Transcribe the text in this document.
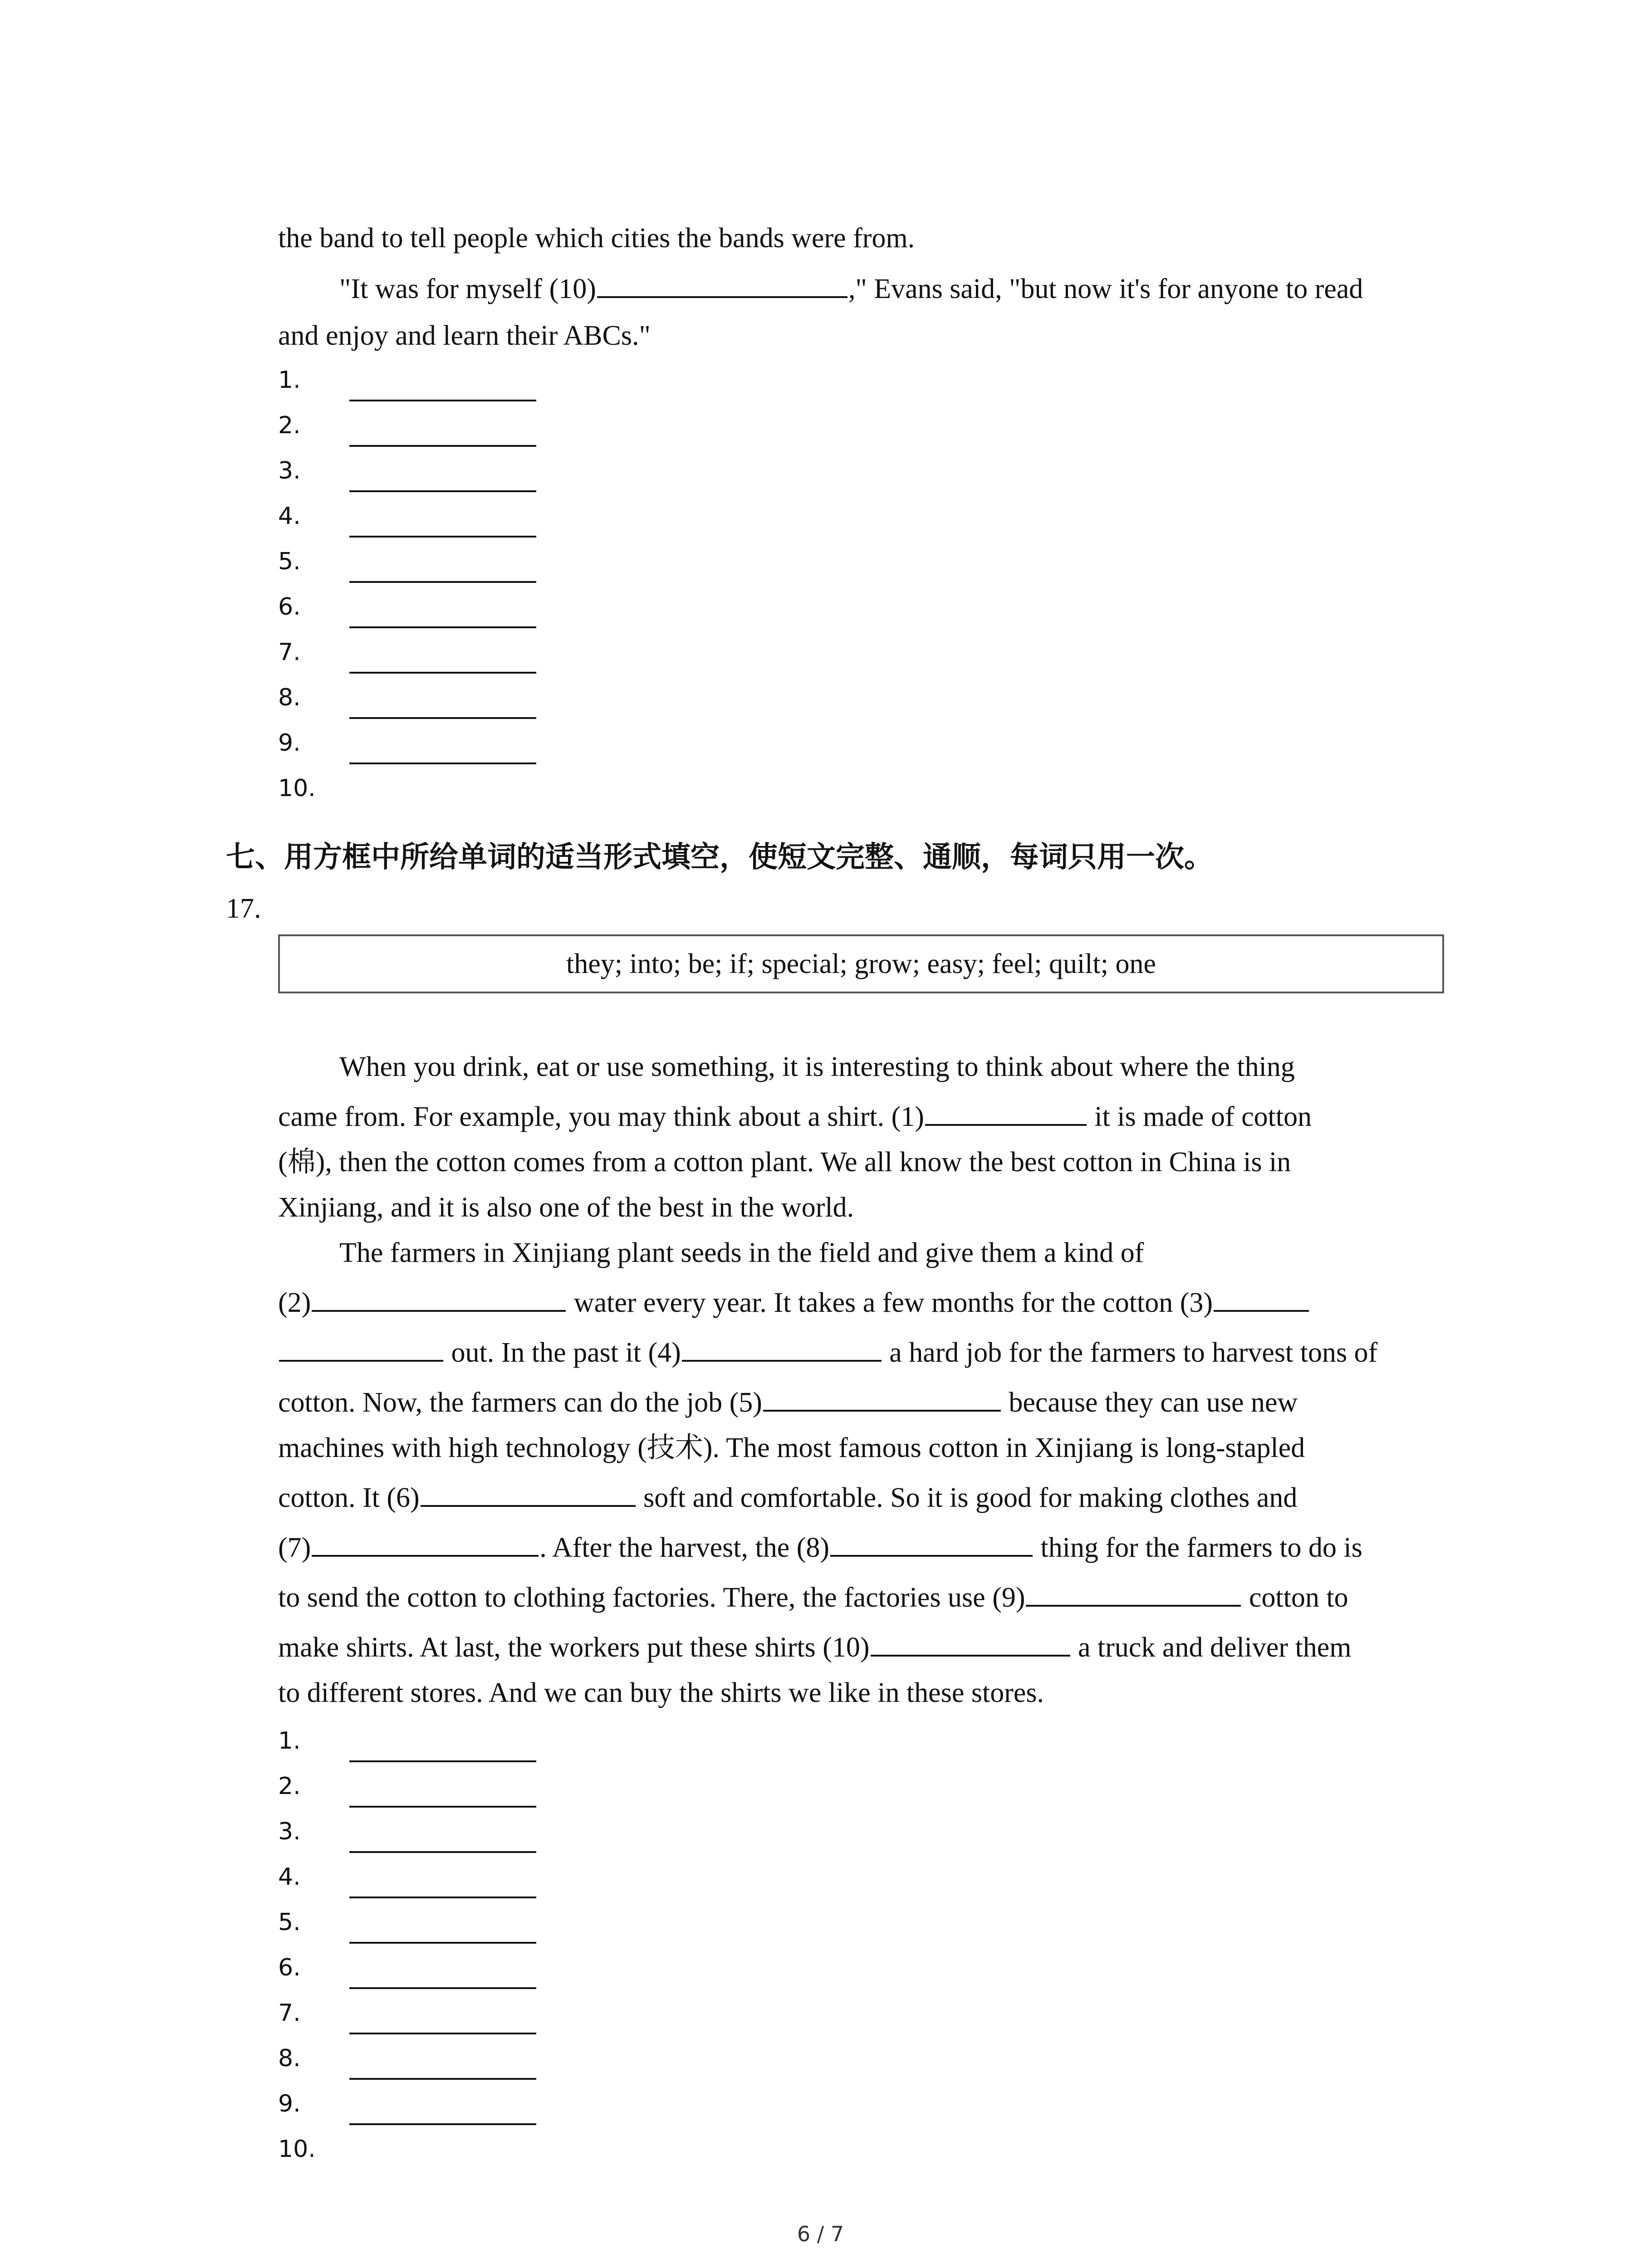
the band to tell people which cities the bands were from.
"It was for myself (10)	," Evans said, "but now it's for anyone to read
and enjoy and learn their ABCs."
1.
2.
3.
4.
5.
6.
7.
8.
9.
10.
七、用方框中所给单词的适当形式填空，使短文完整、通顺，每词只用一次。
17.
they; into; be; if; special; grow; easy; feel; quilt; one
When you drink, eat or use something, it is interesting to think about where the thing
came from. For example, you may think about a shirt. (1)	it is made of cotton
(棉), then the cotton comes from a cotton plant. We all know the best cotton in China is in
Xinjiang, and it is also one of the best in the world.
The farmers in Xinjiang plant seeds in the field and give them a kind of
(2)	water every year. It takes a few months for the cotton (3)
out. In the past it (4)	a hard job for the farmers to harvest tons of
cotton. Now, the farmers can do the job (5)	because they can use new
machines with high technology (技术). The most famous cotton in Xinjiang is long-stapled
cotton. It (6)	soft and comfortable. So it is good for making clothes and
(7)	. After the harvest, the (8)	thing for the farmers to do is
to send the cotton to clothing factories. There, the factories use (9)	cotton to
make shirts. At last, the workers put these shirts (10)	a truck and deliver them
to different stores. And we can buy the shirts we like in these stores.
1.
2.
3.
4.
5.
6.
7.
8.
9.
10.
6 / 7
